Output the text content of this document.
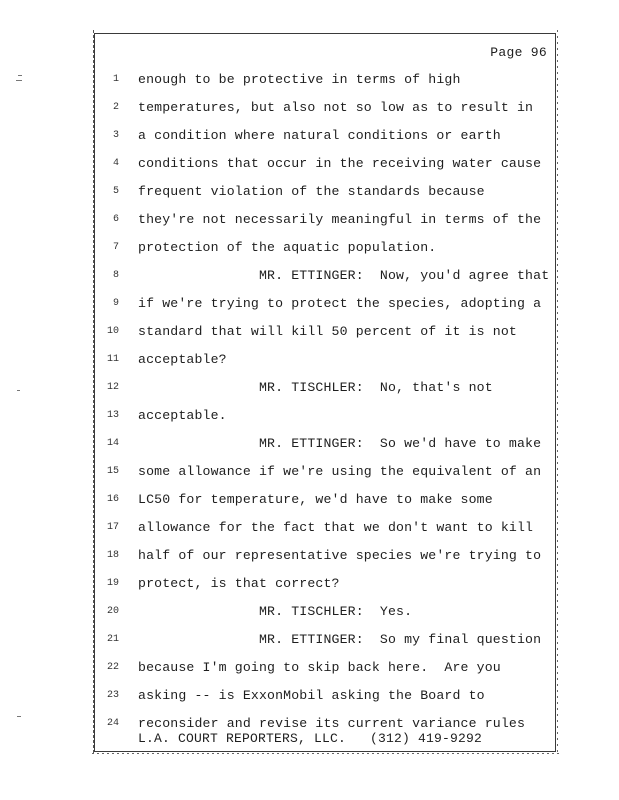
Page 96
1 enough to be protective in terms of high
2 temperatures, but also not so low as to result in
3 a condition where natural conditions or earth
4 conditions that occur in the receiving water cause
5 frequent violation of the standards because
6 they're not necessarily meaningful in terms of the
7 protection of the aquatic population.
8 MR. ETTINGER:  Now, you'd agree that
9 if we're trying to protect the species, adopting a
10 standard that will kill 50 percent of it is not
11 acceptable?
12 MR. TISCHLER:  No, that's not
13 acceptable.
14 MR. ETTINGER:  So we'd have to make
15 some allowance if we're using the equivalent of an
16 LC50 for temperature, we'd have to make some
17 allowance for the fact that we don't want to kill
18 half of our representative species we're trying to
19 protect, is that correct?
20 MR. TISCHLER:  Yes.
21 MR. ETTINGER:  So my final question
22 because I'm going to skip back here.  Are you
23 asking -- is ExxonMobil asking the Board to
24 reconsider and revise its current variance rules
L.A. COURT REPORTERS, LLC.   (312) 419-9292
